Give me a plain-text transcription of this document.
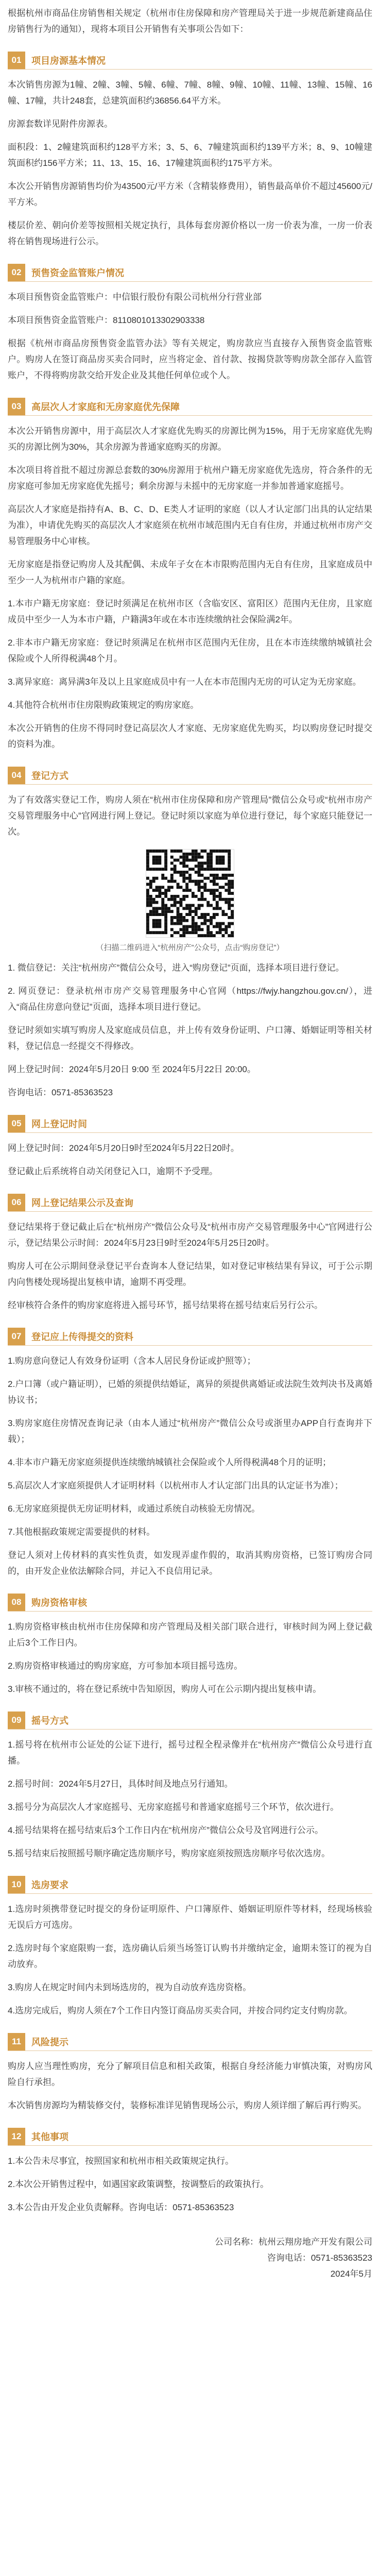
根据杭州市商品住房销售相关规定（杭州市住房保障和房产管理局关于进一步规范新建商品住房销售行为的通知），现将本项目公开销售有关事项公告如下：

01	项目房源基本情况

本次销售房源为1幢、2幢、3幢、5幢、6幢、7幢、8幢、9幢、10幢、11幢、13幢、15幢、16幢、17幢，共计248套，总建筑面积约36856.64平方米。

房源套数详见附件房源表。

面积段：1、2幢建筑面积约128平方米；3、5、6、7幢建筑面积约139平方米；8、9、10幢建筑面积约156平方米；11、13、15、16、17幢建筑面积约175平方米。

本次公开销售房源销售均价为43500元/平方米（含精装修费用），销售最高单价不超过45600元/平方米。

楼层价差、朝向价差等按照相关规定执行，具体每套房源价格以一房一价表为准，一房一价表将在销售现场进行公示。

02	预售资金监管账户情况

本项目预售资金监管账户：中信银行股份有限公司杭州分行营业部

本项目预售资金监管账户：8110801013302903338

根据《杭州市商品房预售资金监管办法》等有关规定，购房款应当直接存入预售资金监管账户。购房人在签订商品房买卖合同时，应当将定金、首付款、按揭贷款等购房款全部存入监管账户，不得将购房款交给开发企业及其他任何单位或个人。

03	高层次人才家庭和无房家庭优先保障

本次公开销售房源中，用于高层次人才家庭优先购买的房源比例为15%，用于无房家庭优先购买的房源比例为30%，其余房源为普通家庭购买的房源。

本次项目将首批不超过房源总套数的30%房源用于杭州户籍无房家庭优先选房，符合条件的无房家庭可参加无房家庭优先摇号；剩余房源与未摇中的无房家庭一并参加普通家庭摇号。

高层次人才家庭是指持有A、B、C、D、E类人才证明的家庭（以人才认定部门出具的认定结果为准），申请优先购买的高层次人才家庭须在杭州市域范围内无自有住房，并通过杭州市房产交易管理服务中心审核。

无房家庭是指登记购房人及其配偶、未成年子女在本市限购范围内无自有住房，且家庭成员中至少一人为杭州市户籍的家庭。

1.本市户籍无房家庭：登记时须满足在杭州市区（含临安区、富阳区）范围内无住房，且家庭成员中至少一人为本市户籍，户籍满3年或在本市连续缴纳社会保险满2年。

2.非本市户籍无房家庭：登记时须满足在杭州市区范围内无住房，且在本市连续缴纳城镇社会保险或个人所得税满48个月。

3.离异家庭：离异满3年及以上且家庭成员中有一人在本市范围内无房的可认定为无房家庭。

4.其他符合杭州市住房限购政策规定的购房家庭。

本次公开销售的住房不得同时登记高层次人才家庭、无房家庭优先购买，均以购房登记时提交的资料为准。

04	登记方式

为了有效落实登记工作，购房人须在“杭州市住房保障和房产管理局”微信公众号或“杭州市房产交易管理服务中心”官网进行网上登记。登记时须以家庭为单位进行登记，每个家庭只能登记一次。

（扫描二维码进入“杭州房产”公众号，点击“购房登记”）

1. 微信登记：关注“杭州房产”微信公众号，进入“购房登记”页面，选择本项目进行登记。

2. 网页登记：登录杭州市房产交易管理服务中心官网（https://fwjy.hangzhou.gov.cn/），进入“商品住房意向登记”页面，选择本项目进行登记。

登记时须如实填写购房人及家庭成员信息，并上传有效身份证明、户口簿、婚姻证明等相关材料，登记信息一经提交不得修改。

网上登记时间：2024年5月20日 9:00 至 2024年5月22日 20:00。

咨询电话：0571-85363523

05	网上登记时间

网上登记时间：2024年5月20日9时至2024年5月22日20时。

登记截止后系统将自动关闭登记入口，逾期不予受理。

06	网上登记结果公示及查询

登记结果将于登记截止后在“杭州房产”微信公众号及“杭州市房产交易管理服务中心”官网进行公示，登记结果公示时间：2024年5月23日9时至2024年5月25日20时。

购房人可在公示期间登录登记平台查询本人登记结果，如对登记审核结果有异议，可于公示期内向售楼处现场提出复核申请，逾期不再受理。

经审核符合条件的购房家庭将进入摇号环节，摇号结果将在摇号结束后另行公示。

07	登记应上传得提交的资料

1.购房意向登记人有效身份证明（含本人居民身份证或护照等）；

2.户口簿（或户籍证明），已婚的须提供结婚证，离异的须提供离婚证或法院生效判决书及离婚协议书；

3.购房家庭住房情况查询记录（由本人通过“杭州房产”微信公众号或浙里办APP自行查询并下载）；

4.非本市户籍无房家庭须提供连续缴纳城镇社会保险或个人所得税满48个月的证明；

5.高层次人才家庭须提供人才证明材料（以杭州市人才认定部门出具的认定证书为准）；

6.无房家庭须提供无房证明材料，或通过系统自动核验无房情况。

7.其他根据政策规定需要提供的材料。

登记人须对上传材料的真实性负责，如发现弄虚作假的，取消其购房资格，已签订购房合同的，由开发企业依法解除合同，并记入不良信用记录。

08	购房资格审核

1.购房资格审核由杭州市住房保障和房产管理局及相关部门联合进行，审核时间为网上登记截止后3个工作日内。

2.购房资格审核通过的购房家庭，方可参加本项目摇号选房。

3.审核不通过的，将在登记系统中告知原因，购房人可在公示期内提出复核申请。

09	摇号方式

1.摇号将在杭州市公证处的公证下进行，摇号过程全程录像并在“杭州房产”微信公众号进行直播。

2.摇号时间：2024年5月27日，具体时间及地点另行通知。

3.摇号分为高层次人才家庭摇号、无房家庭摇号和普通家庭摇号三个环节，依次进行。

4.摇号结果将在摇号结束后3个工作日内在“杭州房产”微信公众号及官网进行公示。

5.摇号结束后按照摇号顺序确定选房顺序号，购房家庭须按照选房顺序号依次选房。

10	选房要求

1.选房时须携带登记时提交的身份证明原件、户口簿原件、婚姻证明原件等材料，经现场核验无误后方可选房。

2.选房时每个家庭限购一套，选房确认后须当场签订认购书并缴纳定金，逾期未签订的视为自动放弃。

3.购房人在规定时间内未到场选房的，视为自动放弃选房资格。

4.选房完成后，购房人须在7个工作日内签订商品房买卖合同，并按合同约定支付购房款。

11	风险提示

购房人应当理性购房，充分了解项目信息和相关政策，根据自身经济能力审慎决策，对购房风险自行承担。

本次销售房源均为精装修交付，装修标准详见销售现场公示，购房人须详细了解后再行购买。

12	其他事项

1.本公告未尽事宜，按照国家和杭州市相关政策规定执行。

2.本次公开销售过程中，如遇国家政策调整，按调整后的政策执行。

3.本公告由开发企业负责解释。咨询电话：0571-85363523

公司名称：杭州云翔房地产开发有限公司
咨询电话：0571-85363523
2024年5月
